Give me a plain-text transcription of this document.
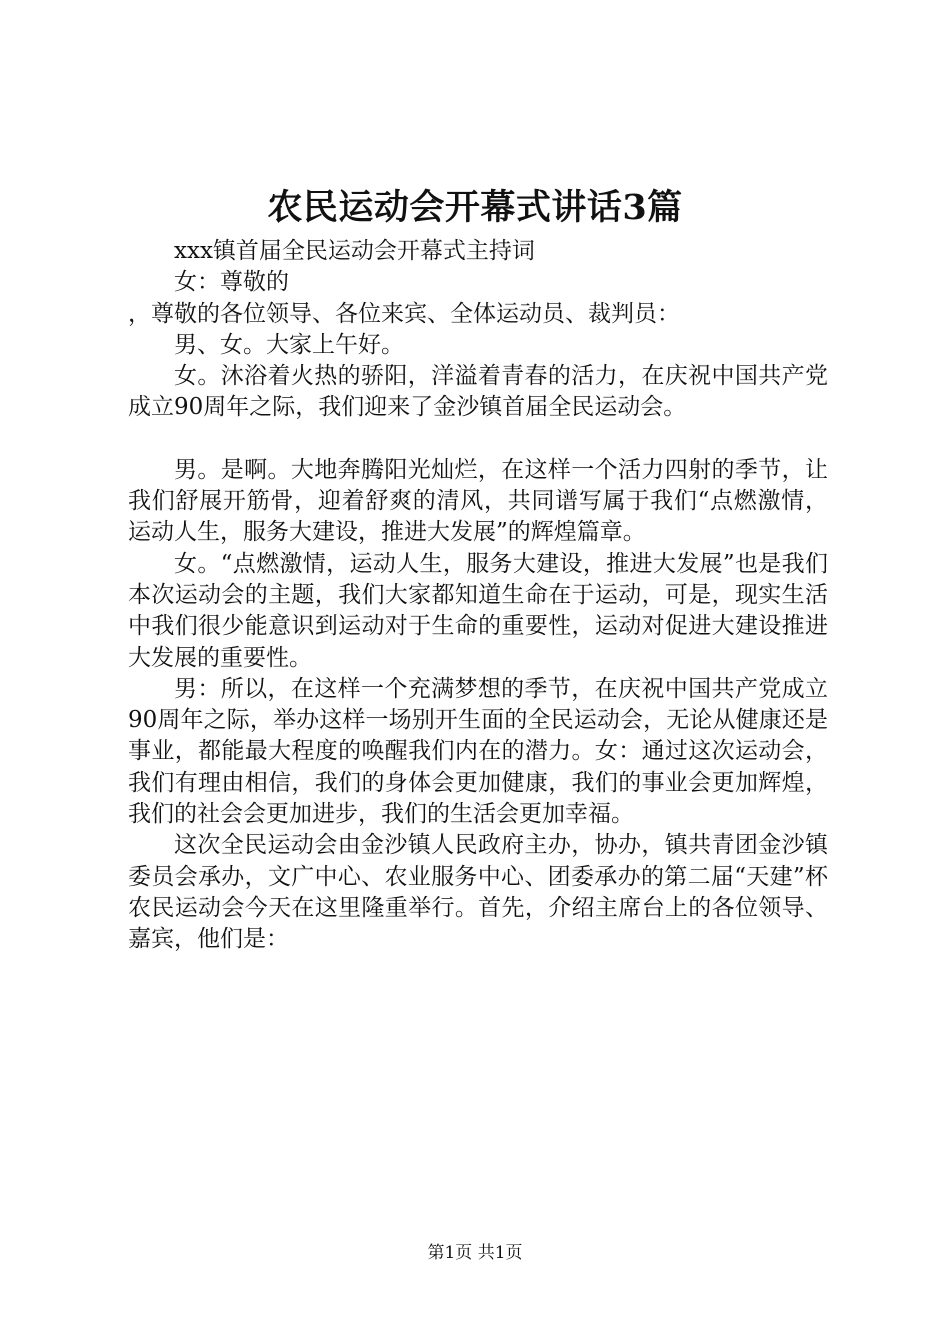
农民运动会开幕式讲话3篇

xxx镇首届全民运动会开幕式主持词

女：尊敬的

，尊敬的各位领导、各位来宾、全体运动员、裁判员：

男、女。大家上午好。

女。沐浴着火热的骄阳，洋溢着青春的活力，在庆祝中国共产党成立90周年之际，我们迎来了金沙镇首届全民运动会。

男。是啊。大地奔腾阳光灿烂，在这样一个活力四射的季节，让我们舒展开筋骨，迎着舒爽的清风，共同谱写属于我们“点燃激情，运动人生，服务大建设，推进大发展”的辉煌篇章。

女。“点燃激情，运动人生，服务大建设，推进大发展”也是我们本次运动会的主题，我们大家都知道生命在于运动，可是，现实生活中我们很少能意识到运动对于生命的重要性，运动对促进大建设推进大发展的重要性。

男：所以，在这样一个充满梦想的季节，在庆祝中国共产党成立90周年之际，举办这样一场别开生面的全民运动会，无论从健康还是事业，都能最大程度的唤醒我们内在的潜力。女：通过这次运动会，我们有理由相信，我们的身体会更加健康，我们的事业会更加辉煌，我们的社会会更加进步，我们的生活会更加幸福。

这次全民运动会由金沙镇人民政府主办，协办，镇共青团金沙镇委员会承办，文广中心、农业服务中心、团委承办的第二届“天建”杯农民运动会今天在这里隆重举行。首先，介绍主席台上的各位领导、嘉宾，他们是：

第1页 共1页
